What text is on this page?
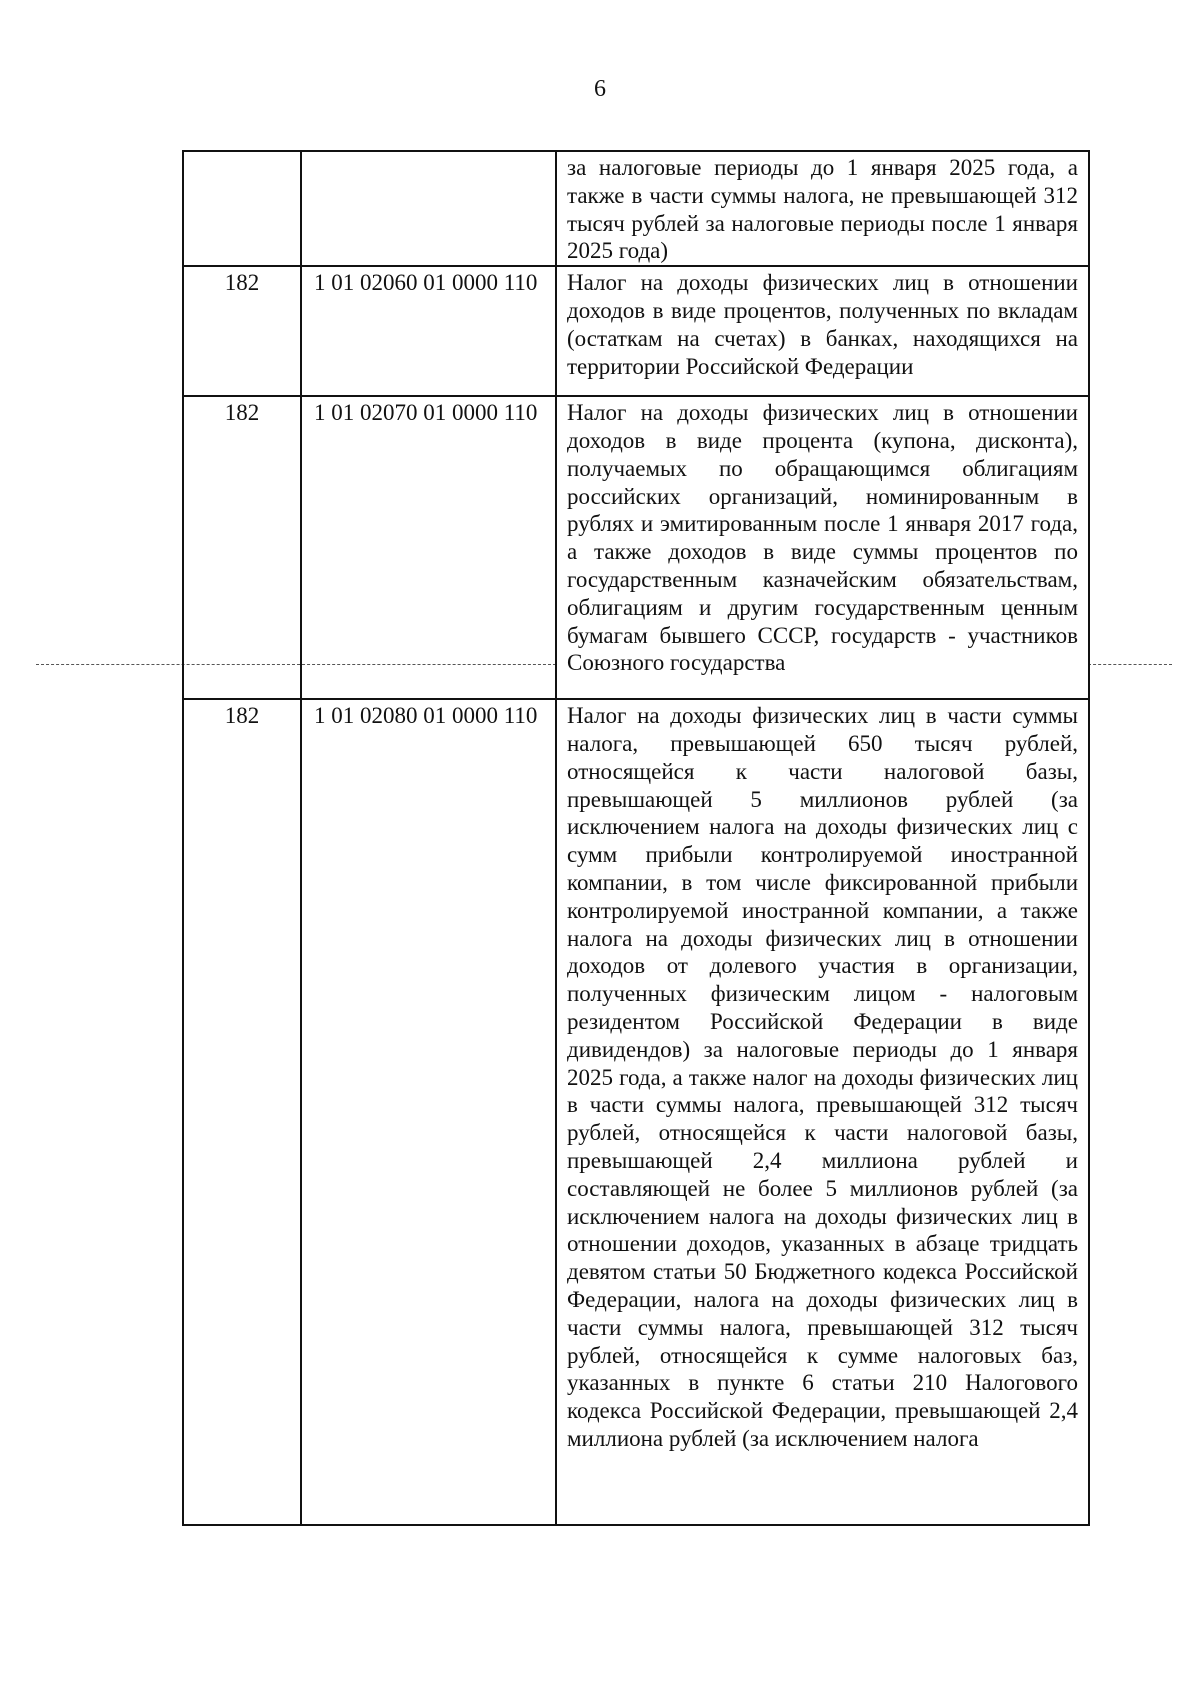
6
		за налоговые периоды до 1 января 2025 года, а также в части суммы налога, не превышающей 312 тысяч рублей за налоговые периоды после 1 января 2025 года)
182	1 01 02060 01 0000 110	Налог на доходы физических лиц в отношении доходов в виде процентов, полученных по вкладам (остаткам на счетах) в банках, находящихся на территории Российской Федерации
182	1 01 02070 01 0000 110	Налог на доходы физических лиц в отношении доходов в виде процента (купона, дисконта), получаемых по обращающимся облигациям российских организаций, номинированным в рублях и эмитированным после 1 января 2017 года, а также доходов в виде суммы процентов по государственным казначейским обязательствам, облигациям и другим государственным ценным бумагам бывшего СССР, государств - участников Союзного государства
182	1 01 02080 01 0000 110	Налог на доходы физических лиц в части суммы налога, превышающей 650 тысяч рублей, относящейся к части налоговой базы, превышающей 5 миллионов рублей (за исключением налога на доходы физических лиц с сумм прибыли контролируемой иностранной компании, в том числе фиксированной прибыли контролируемой иностранной компании, а также налога на доходы физических лиц в отношении доходов от долевого участия в организации, полученных физическим лицом - налоговым резидентом Российской Федерации в виде дивидендов) за налоговые периоды до 1 января 2025 года, а также налог на доходы физических лиц в части суммы налога, превышающей 312 тысяч рублей, относящейся к части налоговой базы, превышающей 2,4 миллиона рублей и составляющей не более 5 миллионов рублей (за исключением налога на доходы физических лиц в отношении доходов, указанных в абзаце тридцать девятом статьи 50 Бюджетного кодекса Российской Федерации, налога на доходы физических лиц в части суммы налога, превышающей 312 тысяч рублей, относящейся к сумме налоговых баз, указанных в пункте 6 статьи 210 Налогового кодекса Российской Федерации, превышающей 2,4 миллиона рублей (за исключением налога
